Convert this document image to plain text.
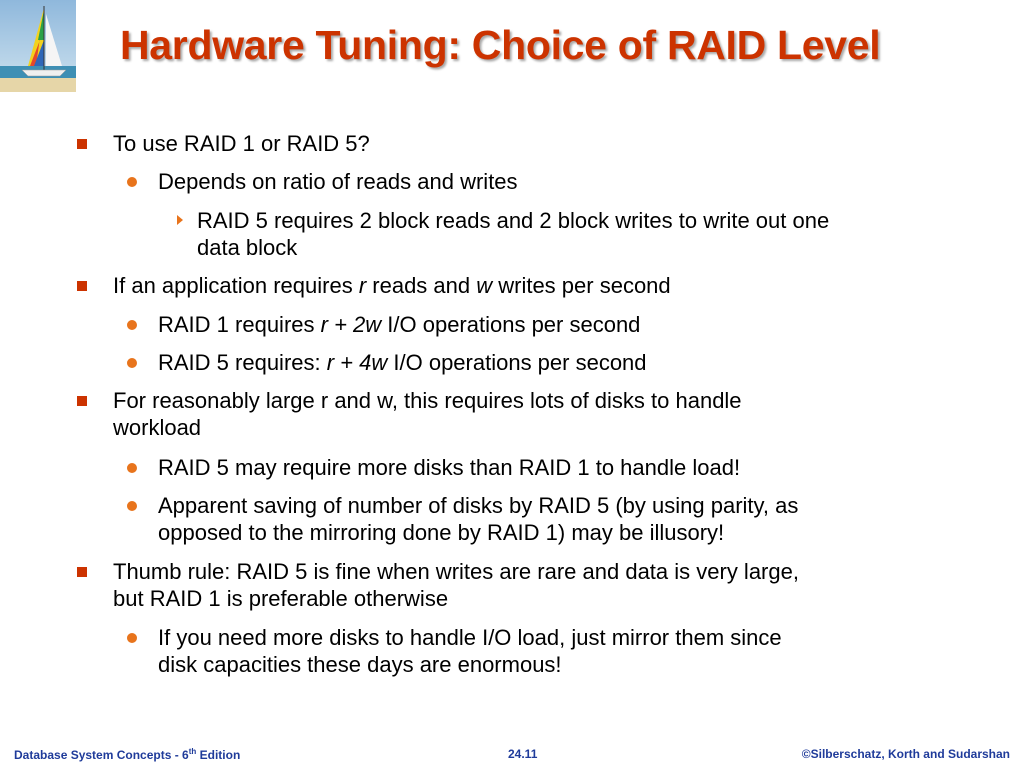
Hardware Tuning: Choice of RAID Level
To use RAID 1 or RAID 5?
Depends on ratio of reads and writes
RAID 5 requires 2 block reads and 2 block writes to write out one
data block
If an application requires r reads and w writes per second
RAID 1 requires r + 2w I/O operations per second
RAID 5 requires: r + 4w I/O operations per second
For reasonably large r and w, this requires lots of disks to handle
workload
RAID 5 may require more disks than RAID 1 to handle load!
Apparent saving of number of disks by RAID 5 (by using parity, as
opposed to the mirroring done by RAID 1) may be illusory!
Thumb rule: RAID 5 is fine when writes are rare and data is very large,
but RAID 1 is preferable otherwise
If you need more disks to handle I/O load, just mirror them since
disk capacities these days are enormous!
Database System Concepts - 6th Edition	24.11	©Silberschatz, Korth and Sudarshan
